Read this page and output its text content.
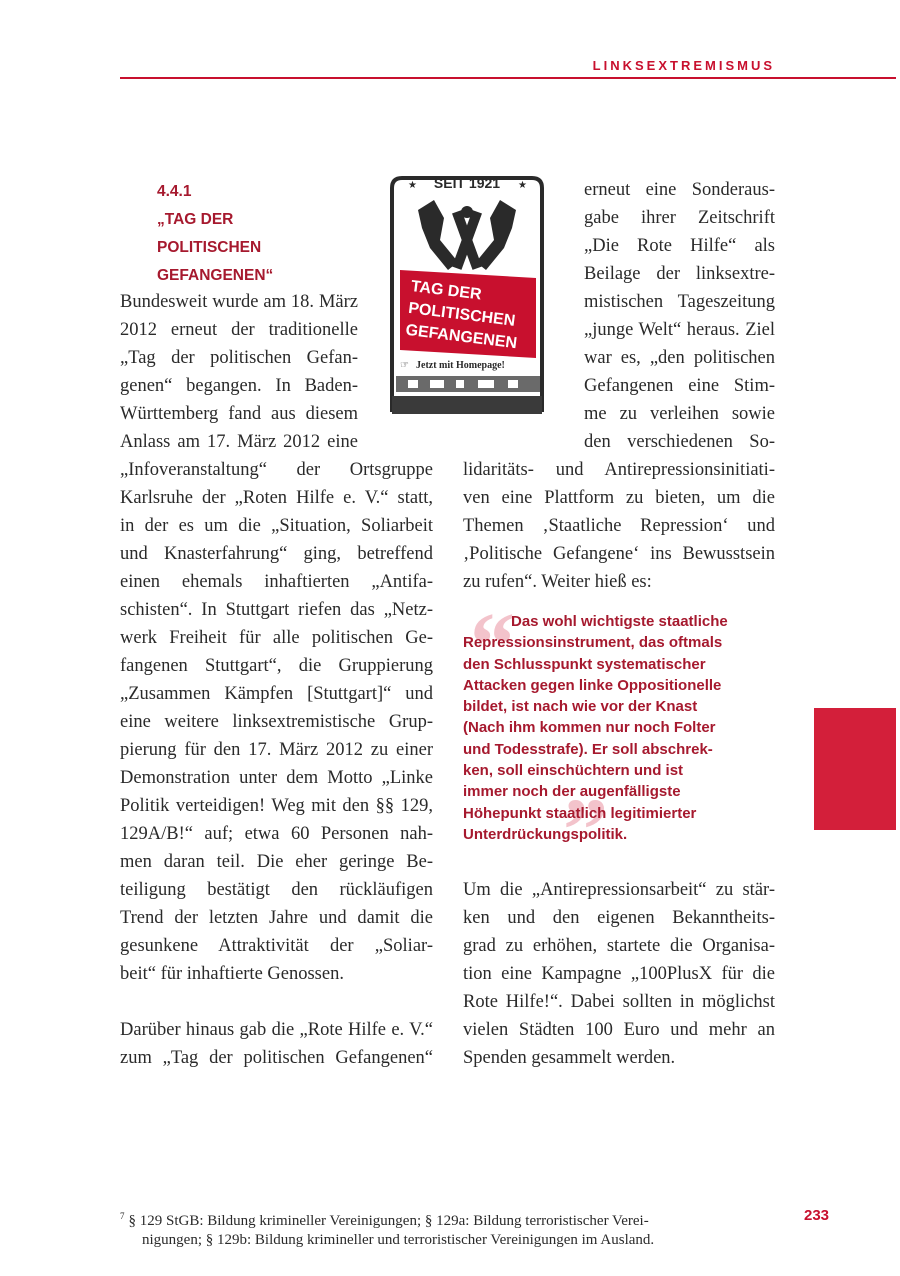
LINKSEXTREMISMUS
4.4.1
„TAG DER
POLITISCHEN
GEFANGENEN“
SEIT 1921
★	★
TAG DER
POLITISCHEN
GEFANGENEN
Jetzt mit Homepage!
☞
Bundesweit wurde am 18. März
2012 erneut der traditionelle
„Tag der politischen Gefan-
genen“ begangen. In Baden-
Württemberg fand aus diesem
Anlass am 17. März 2012 eine
„Infoveranstaltung“ der Ortsgruppe
Karlsruhe der „Roten Hilfe e. V.“ statt,
in der es um die „Situation, Soliarbeit
und Knasterfahrung“ ging, betreffend
einen ehemals inhaftierten „Antifa-
schisten“. In Stuttgart riefen das „Netz-
werk Freiheit für alle politischen Ge-
fangenen Stuttgart“, die Gruppierung
„Zusammen Kämpfen [Stuttgart]“ und
eine weitere linksextremistische Grup-
pierung für den 17. März 2012 zu einer
Demonstration unter dem Motto „Linke
Politik verteidigen! Weg mit den §§ 129,
129A/B!“ auf; etwa 60 Personen nah-
men daran teil. Die eher geringe Be-
teiligung bestätigt den rückläufigen
Trend der letzten Jahre und damit die
gesunkene Attraktivität der „Soliar-
beit“ für inhaftierte Genossen.
Darüber hinaus gab die „Rote Hilfe e. V.“
zum „Tag der politischen Gefangenen“
erneut eine Sonderaus-
gabe ihrer Zeitschrift
„Die Rote Hilfe“ als
Beilage der linksextre-
mistischen Tageszeitung
„junge Welt“ heraus. Ziel
war es, „den politischen
Gefangenen eine Stim-
me zu verleihen sowie
den verschiedenen So-
lidaritäts- und Antirepressionsinitiati-
ven eine Plattform zu bieten, um die
Themen ‚Staatliche Repression‘ und
‚Politische Gefangene‘ ins Bewusstsein
zu rufen“. Weiter hieß es:
“
”
Das wohl wichtigste staatliche
Repressionsinstrument, das oftmals
den Schlusspunkt systematischer
Attacken gegen linke Oppositionelle
bildet, ist nach wie vor der Knast
(Nach ihm kommen nur noch Folter
und Todesstrafe). Er soll abschrek-
ken, soll einschüchtern und ist
immer noch der augenfälligste
Höhepunkt staatlich legitimierter
Unterdrückungspolitik.
Um die „Antirepressionsarbeit“ zu stär-
ken und den eigenen Bekanntheits-
grad zu erhöhen, startete die Organisa-
tion eine Kampagne „100PlusX für die
Rote Hilfe!“. Dabei sollten in möglichst
vielen Städten 100 Euro und mehr an
Spenden gesammelt werden.
$^7$ § 129 StGB: Bildung krimineller Vereinigungen; § 129a: Bildung terroristischer Verei-
nigungen; § 129b: Bildung krimineller und terroristischer Vereinigungen im Ausland.
233
